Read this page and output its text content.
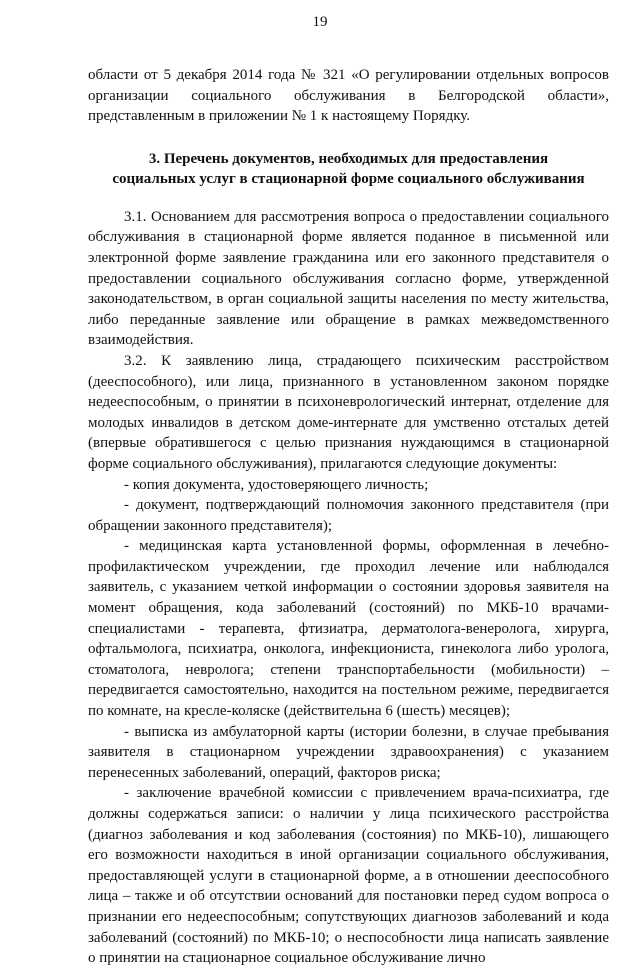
19

области от 5 декабря 2014 года № 321 «О регулировании отдельных вопросов организации социального обслуживания в Белгородской области», представленным в приложении № 1 к настоящему Порядку.

3. Перечень документов, необходимых для предоставления
социальных услуг в стационарной форме социального обслуживания

3.1. Основанием для рассмотрения вопроса о предоставлении социального обслуживания в стационарной форме является поданное в письменной или электронной форме заявление гражданина или его законного представителя о предоставлении социального обслуживания согласно форме, утвержденной законодательством, в орган социальной защиты населения по месту жительства, либо переданные заявление или обращение в рамках межведомственного взаимодействия.

3.2. К заявлению лица, страдающего психическим расстройством (дееспособного), или лица, признанного в установленном законом порядке недееспособным, о принятии в психоневрологический интернат, отделение для молодых инвалидов в детском доме-интернате для умственно отсталых детей (впервые обратившегося с целью признания нуждающимся в стационарной форме социального обслуживания), прилагаются следующие документы:

- копия документа, удостоверяющего личность;

- документ, подтверждающий полномочия законного представителя (при обращении законного представителя);

- медицинская карта установленной формы, оформленная в лечебно-профилактическом учреждении, где проходил лечение или наблюдался заявитель, с указанием четкой информации о состоянии здоровья заявителя на момент обращения, кода заболеваний (состояний) по МКБ-10 врачами-специалистами - терапевта, фтизиатра, дерматолога-венеролога, хирурга, офтальмолога, психиатра, онколога, инфекциониста, гинеколога либо уролога, стоматолога, невролога; степени транспортабельности (мобильности) – передвигается самостоятельно, находится на постельном режиме, передвигается по комнате, на кресле-коляске (действительна 6 (шесть) месяцев);

- выписка из амбулаторной карты (истории болезни, в случае пребывания заявителя в стационарном учреждении здравоохранения) с указанием перенесенных заболеваний, операций, факторов риска;

- заключение врачебной комиссии с привлечением врача-психиатра, где должны содержаться записи: о наличии у лица психического расстройства (диагноз заболевания и код заболевания (состояния) по МКБ-10), лишающего его возможности находиться в иной организации социального обслуживания, предоставляющей услуги в стационарной форме, а в отношении дееспособного лица – также и об отсутствии оснований для постановки перед судом вопроса о признании его недееспособным; сопутствующих диагнозов заболеваний и кода заболеваний (состояний) по МКБ-10; о неспособности лица написать заявление о принятии на стационарное социальное обслуживание лично
